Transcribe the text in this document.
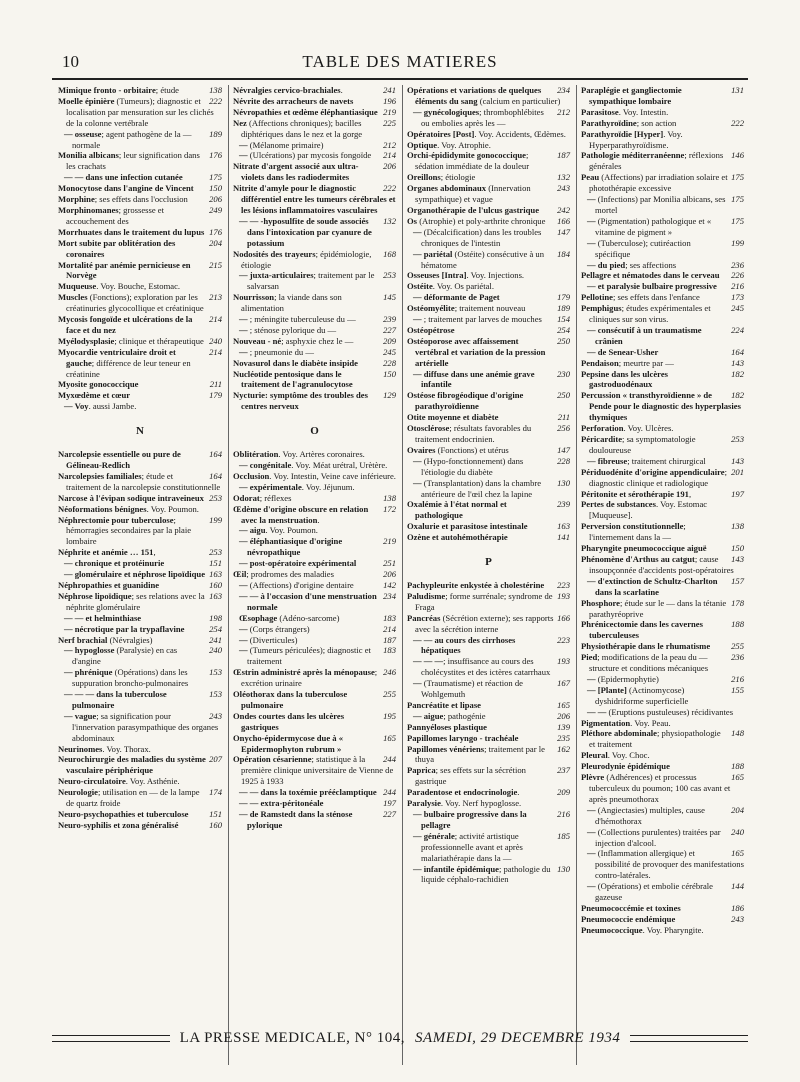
10	TABLE DES MATIERES

138
Mimique fronto - orbitaire; étude

222
Moelle épinière (Tumeurs); diagnostic et localisation par mensuration sur les clichés de la colonne vertébrale

189
— osseuse; agent pathogène de la — normale

176
Monilia albicans; leur signification dans les crachats

175
— — dans une infection cutanée

150
Monocytose dans l'angine de Vincent

206
Morphine; ses effets dans l'occlusion

249
Morphinomanes; grossesse et accouchement des

176
Morrhuates dans le traitement du lupus

204
Mort subite par oblitération des coronaires

215
Mortalité par anémie pernicieuse en Norvège

Muqueuse. Voy. Bouche, Estomac.

213
Muscles (Fonctions); exploration par les créatinuries glycocollique et créatinique

214
Mycosis fongoïde et ulcérations de la face et du nez

240
Myélodysplasie; clinique et thérapeutique

214
Myocardie ventriculaire droit et gauche; différence de leur teneur en créatinine

211
Myosite gonococcique

179
Myxœdème et cœur

— Voy. aussi Jambe.

N

164
Narcolepsie essentielle ou pure de Gélineau-Redlich

164
Narcolepsies familiales; étude et traitement de la narcolepsie constitutionnelle

253
Narcose à l'évipan sodique intraveineux

Néoformations bénignes. Voy. Poumon.

199
Néphrectomie pour tuberculose; hémorragies secondaires par la plaie lombaire

253
Néphrite et anémie … 151,

151
— chronique et protéinurie

163
— glomérulaire et néphrose lipoïdique

160
Néphropathies et guanidine

163
Néphrose lipoïdique; ses relations avec la néphrite glomérulaire

198
— — et helminthiase

254
— nécrotique par la trypaflavine

241
Nerf brachial (Névralgies)

240
— hypoglosse (Paralysie) en cas d'angine

153
— phrénique (Opérations) dans les suppuration broncho-pulmonaires

153
— — — dans la tuberculose pulmonaire

243
— vague; sa signification pour l'innervation parasympathique des organes abdominaux

Neurinomes. Voy. Thorax.

207
Neurochirurgie des maladies du système vasculaire périphérique

Neuro-circulatoire. Voy. Asthénie.

174
Neurologie; utilisation en — de la lampe de quartz froide

151
Neuro-psychopathies et tuberculose

160
Neuro-syphilis et zona généralisé

241
Névralgies cervico-brachiales.

196
Névrite des arracheurs de navets

219
Névropathies et œdème éléphantiasique

225
Nez (Affections chroniques); bacilles diphtériques dans le nez et la gorge

212
— (Mélanome primaire)

214
— (Ulcérations) par mycosis fongoïde

206
Nitrate d'argent associé aux ultra-violets dans les radiodermites

222
Nitrite d'amyle pour le diagnostic différentiel entre les tumeurs cérébrales et les lésions inflammatoires vasculaires

132
— — -hyposulfite de soude associés dans l'intoxication par cyanure de potassium

168
Nodosités des trayeurs; épidémiologie, étiologie

253
— juxta-articulaires; traitement par le salvarsan

145
Nourrisson; la viande dans son alimentation

239
— ; méningite tuberculeuse du —

227
— ; sténose pylorique du —

209
Nouveau - né; asphyxie chez le —

245
— ; pneumonie du —

228
Novasurol dans le diabète insipide

150
Nucléotide pentosique dans le traitement de l'agranulocytose

129
Nycturie: symptôme des troubles des centres nerveux

O

Oblitération. Voy. Artères coronaires.

— congénitale. Voy. Méat urétral, Urètère.

Occlusion. Voy. Intestin, Veine cave inférieure.

— expérimentale. Voy. Jéjunum.

138
Odorat; réflexes

172
Œdème d'origine obscure en relation avec la menstruation.

— aigu. Voy. Poumon.

219
— éléphantiasique d'origine névropathique

251
— post-opératoire expérimental

206
Œil; prodromes des maladies

142
— (Affections) d'origine dentaire

234
— — à l'occasion d'une menstruation normale

183
Œsophage (Adéno-sarcome)

214
— (Corps étrangers)

187
— (Diverticules)

183
— (Tumeurs périculées); diagnostic et traitement

246
Œstrin administré après la ménopause; excrétion urinaire

255
Oléothorax dans la tuberculose pulmonaire

195
Ondes courtes dans les ulcères gastriques

165
Onycho-épidermycose due à « Epidermophyton rubrum »

244
Opération césarienne; statistique à la première clinique universitaire de Vienne de 1925 à 1933

244
— — dans la toxémie prééclamptique

197
— — extra-péritonéale

227
— de Ramstedt dans la sténose pylorique

234
Opérations et variations de quelques éléments du sang (calcium en particulier)

212
— gynécologiques; thrombophlébites ou embolies après les —

Opératoires [Post]. Voy. Accidents, Œdèmes.

Optique. Voy. Atrophie.

187
Orchi-épididymite gonococcique; sédation immédiate de la douleur

132
Oreillons; étiologie

243
Organes abdominaux (Innervation sympathique) et vague

242
Organothérapie de l'ulcus gastrique

166
Os (Atrophie) et poly-arthrite chronique

147
— (Décalcification) dans les troubles chroniques de l'intestin

184
— pariétal (Ostéite) consécutive à un hématome

Osseuses [Intra]. Voy. Injections.

Ostéite. Voy. Os pariétal.

179
— déformante de Paget

189
Ostéomyélite; traitement nouveau

154
— ; traitement par larves de mouches

254
Ostéopétrose

250
Ostéoporose avec affaissement vertébral et variation de la pression artérielle

230
— diffuse dans une anémie grave infantile

250
Ostéose fibrogéodique d'origine parathyroïdienne

211
Otite moyenne et diabète

256
Otosclérose; résultats favorables du traitement endocrinien.

147
Ovaires (Fonctions) et utérus

228
— (Hypo-fonctionnement) dans l'étiologie du diabète

130
— (Transplantation) dans la chambre antérieure de l'œil chez la lapine

239
Oxalémie à l'état normal et pathologique

163
Oxalurie et parasitose intestinale

141
Ozène et autohémothérapie

P

223
Pachypleurite enkystée à cholestérine

193
Paludisme; forme surrénale; syndrome de Fraga

166
Pancréas (Sécrétion externe); ses rapports avec la sécrétion interne

223
— — au cours des cirrhoses hépatiques

193
— — —; insuffisance au cours des cholécystites et des ictères catarrhaux

167
— (Traumatisme) et réaction de Wohlgemuth

165
Pancréatite et lipase

206
— aigue; pathogénie

139
Pannyéloses plastique

235
Papillomes laryngo - trachéale

162
Papillomes vénériens; traitement par le thuya

237
Paprica; ses effets sur la sécrétion gastrique

209
Paradentose et endocrinologie.

Paralysie. Voy. Nerf hypoglosse.

216
— bulbaire progressive dans la pellagre

185
— générale; activité artistique professionnelle avant et après malariathérapie dans la —

130
— infantile épidémique; pathologie du liquide céphalo-rachidien

131
Paraplégie et gangliectomie sympathique lombaire

Parasitose. Voy. Intestin.

222
Parathyroïdine; son action

Parathyroïdie [Hyper]. Voy. Hyperparathyroïdisme.

146
Pathologie méditerranéenne; réflexions générales

175
Peau (Affections) par irradiation solaire et photothérapie excessive

175
— (Infections) par Monilia albicans, ses mortel

175
— (Pigmentation) pathologique et « vitamine de pigment »

199
— (Tuberculose); cutiréaction spécifique

236
— du pied; ses affections

226
Pellagre et nématodes dans le cerveau

216
— et paralysie bulbaire progressive

173
Pellotine; ses effets dans l'enfance

245
Pemphigus; études expérimentales et cliniques sur son virus.

224
— consécutif à un traumatisme crânien

164
— de Senear-Usher

143
Pendaison; meurtre par —

182
Pepsine dans les ulcères gastroduodénaux

182
Percussion « transthyroïdienne » de Pende pour le diagnostic des hyperplasies thymiques

Perforation. Voy. Ulcères.

253
Péricardite; sa symptomatologie douloureuse

143
— fibreuse; traitement chirurgical

201
Périduodénite d'origine appendiculaire; diagnostic clinique et radiologique

197
Péritonite et sérothérapie 191,

Pertes de substances. Voy. Estomac [Muqueuse].

138
Perversion constitutionnelle; l'internement dans la —

150
Pharyngite pneumococcique aiguë

143
Phénomène d'Arthus au catgut; cause insoupçonnée d'accidents post-opératoires

157
— d'extinction de Schultz-Charlton dans la scarlatine

178
Phosphore; étude sur le — dans la tétanie parathyréoprive

188
Phrénicectomie dans les cavernes tuberculeuses

255
Physiothérapie dans le rhumatisme

236
Pied; modifications de la peau du — structure et conditions mécaniques

216
— (Epidermophytie)

155
— [Plante] (Actinomycose) dyshidriforme superficielle

— — (Eruptions pustuleuses) récidivantes

Pigmentation. Voy. Peau.

148
Pléthore abdominale; physiopathologie et traitement

Pleural. Voy. Choc.

188
Pleurodynie épidémique

165
Plèvre (Adhérences) et processus tuberculeux du poumon; 100 cas avant et après pneumothorax

204
— (Angiectasies) multiples, cause d'hémothorax

240
— (Collections purulentes) traitées par injection d'alcool.

165
— (Inflammation allergique) et possibilité de provoquer des manifestations contro-latérales.

144
— (Opérations) et embolie cérébrale gazeuse

186
Pneumococcémie et toxines

243
Pneumococcie endémique

Pneumococcique. Voy. Pharyngite.

LA PRESSE MEDICALE, N° 104, SAMEDI, 29 DECEMBRE 1934
